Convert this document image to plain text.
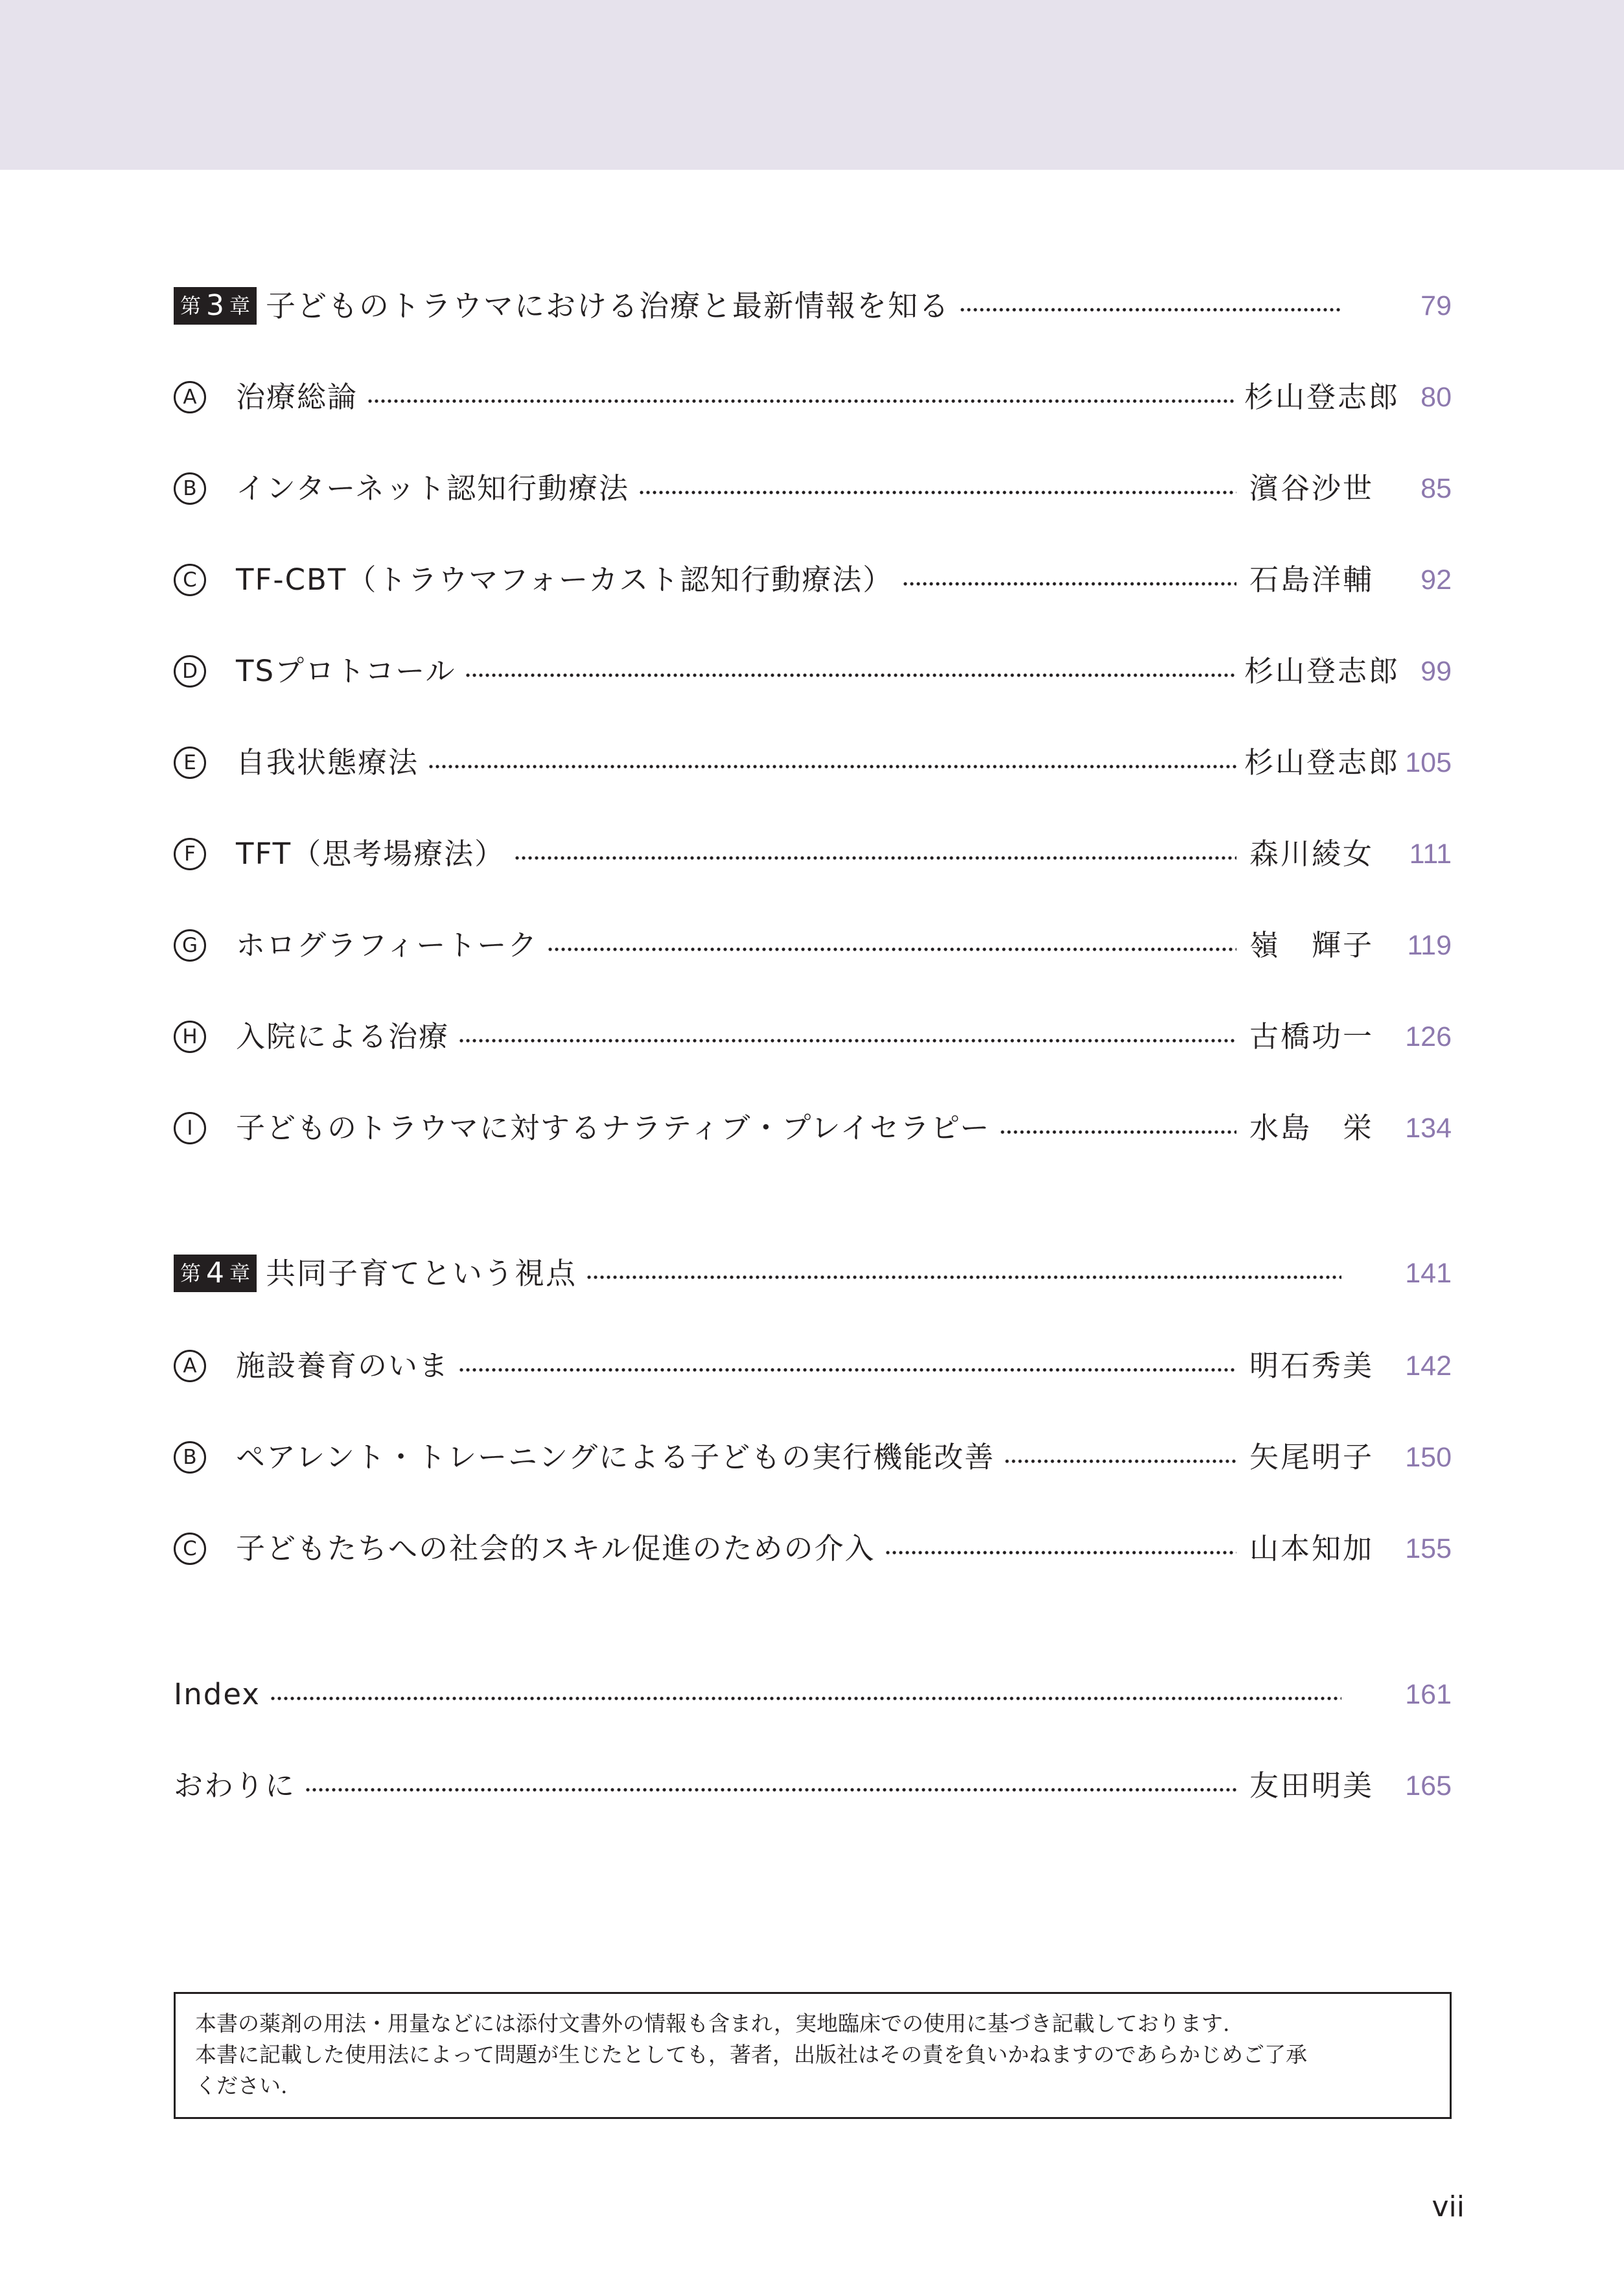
第 3 章 子どものトラウマにおける治療と最新情報を知る	79
A	治療総論	杉山登志郎 80
B	インターネット認知行動療法	濱谷沙世	85
C	TF-CBT（トラウマフォーカスト認知行動療法）	石島洋輔	92
D TSプロトコール	杉山登志郎 99
E	自我状態療法	杉山登志郎 105
F	TFT（思考場療法）	森川綾女	111
G ホログラフィートーク	嶺　輝子	119
H 入院による治療	古橋功一	126
I	子どものトラウマに対するナラティブ・プレイセラピー	水島　栄	134
第 4 章 共同子育てという視点	141
A	施設養育のいま	明石秀美	142
B	ペアレント・トレーニングによる子どもの実行機能改善	矢尾明子	150
C	子どもたちへの社会的スキル促進のための介入	山本知加	155
Index	161
おわりに	友田明美	165

本書の薬剤の用法・用量などには添付文書外の情報も含まれ，実地臨床での使用に基づき記載しております.

本書に記載した使用法によって問題が生じたとしても，著者，出版社はその責を負いかねますのであらかじめご了承

ください.

vii
